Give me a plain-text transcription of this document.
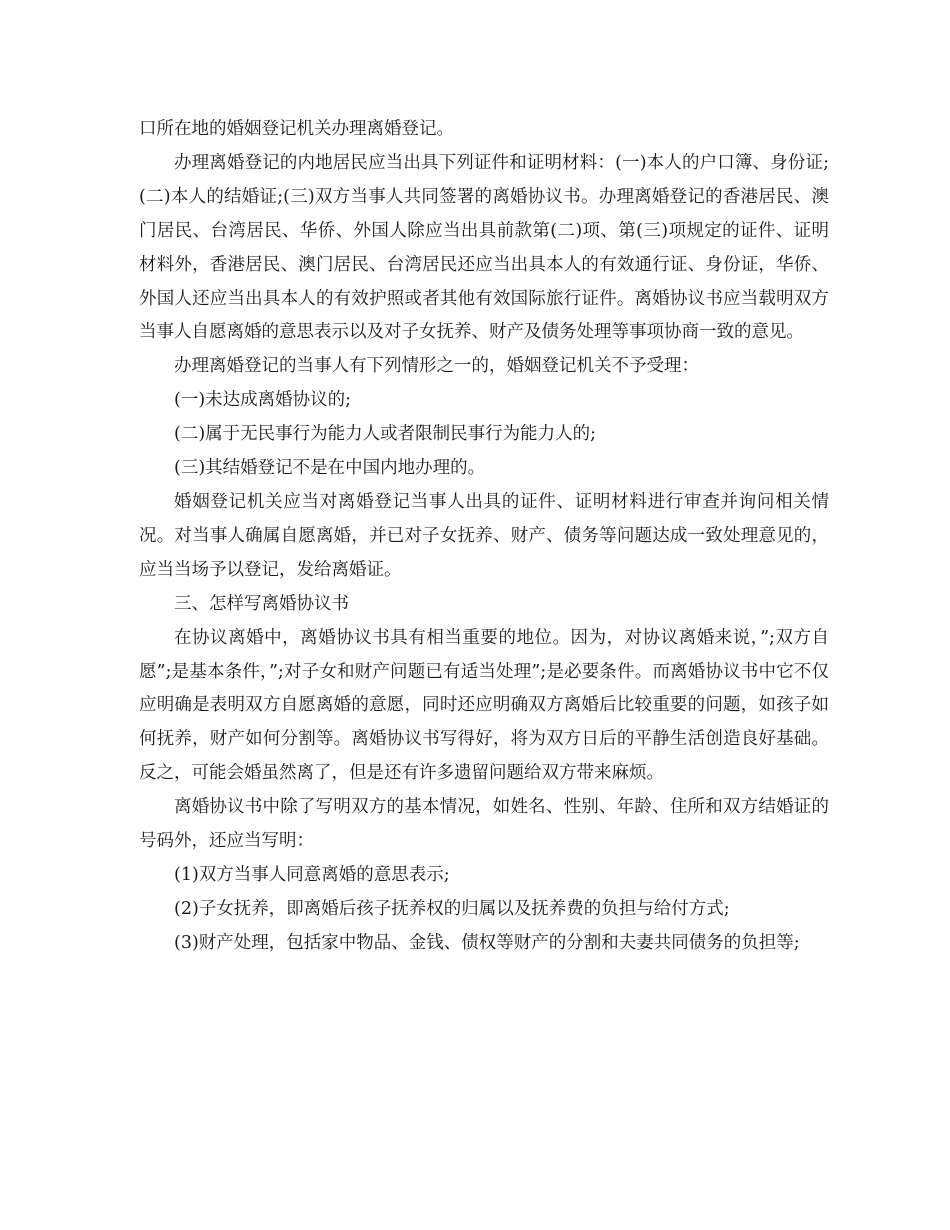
口所在地的婚姻登记机关办理离婚登记。

办理离婚登记的内地居民应当出具下列证件和证明材料：(一)本人的户口簿、身份证;(二)本人的结婚证;(三)双方当事人共同签署的离婚协议书。办理离婚登记的香港居民、澳门居民、台湾居民、华侨、外国人除应当出具前款第(二)项、第(三)项规定的证件、证明材料外，香港居民、澳门居民、台湾居民还应当出具本人的有效通行证、身份证，华侨、外国人还应当出具本人的有效护照或者其他有效国际旅行证件。离婚协议书应当载明双方当事人自愿离婚的意思表示以及对子女抚养、财产及债务处理等事项协商一致的意见。

办理离婚登记的当事人有下列情形之一的，婚姻登记机关不予受理：

(一)未达成离婚协议的;

(二)属于无民事行为能力人或者限制民事行为能力人的;

(三)其结婚登记不是在中国内地办理的。

婚姻登记机关应当对离婚登记当事人出具的证件、证明材料进行审查并询问相关情况。对当事人确属自愿离婚，并已对子女抚养、财产、债务等问题达成一致处理意见的，应当当场予以登记，发给离婚证。

三、怎样写离婚协议书

在协议离婚中，离婚协议书具有相当重要的地位。因为，对协议离婚来说，”;双方自愿”;是基本条件，”;对子女和财产问题已有适当处理”;是必要条件。而离婚协议书中它不仅应明确是表明双方自愿离婚的意愿，同时还应明确双方离婚后比较重要的问题，如孩子如何抚养，财产如何分割等。离婚协议书写得好，将为双方日后的平静生活创造良好基础。反之，可能会婚虽然离了，但是还有许多遗留问题给双方带来麻烦。

离婚协议书中除了写明双方的基本情况，如姓名、性别、年龄、住所和双方结婚证的号码外，还应当写明：

(1)双方当事人同意离婚的意思表示;

(2)子女抚养，即离婚后孩子抚养权的归属以及抚养费的负担与给付方式;

(3)财产处理，包括家中物品、金钱、债权等财产的分割和夫妻共同债务的负担等;
